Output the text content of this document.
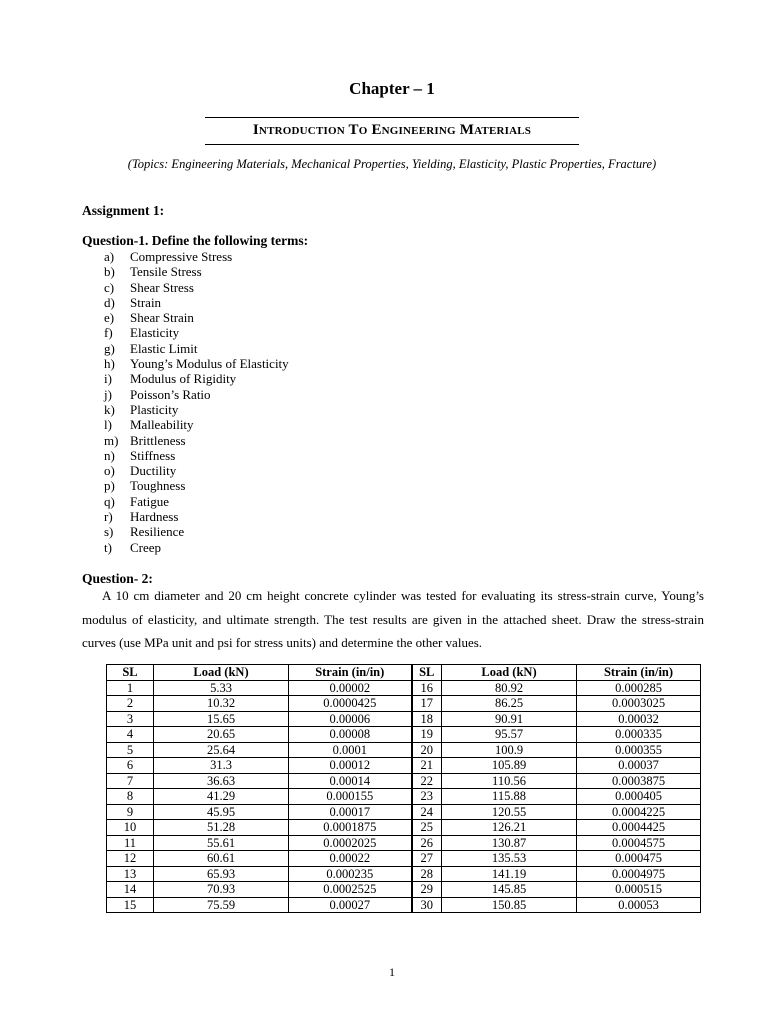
Chapter – 1
Introduction To Engineering Materials
(Topics: Engineering Materials, Mechanical Properties, Yielding, Elasticity, Plastic Properties, Fracture)
Assignment 1:
Question-1. Define the following terms:
a)	Compressive Stress
b)	Tensile Stress
c)	Shear Stress
d)	Strain
e)	Shear Strain
f)	Elasticity
g)	Elastic Limit
h)	Young’s Modulus of Elasticity
i)	Modulus of Rigidity
j)	Poisson’s Ratio
k)	Plasticity
l)	Malleability
m) Brittleness
n)	Stiffness
o)	Ductility
p)	Toughness
q)	Fatigue
r)	Hardness
s)	Resilience
t)	Creep
Question- 2:

A 10 cm diameter and 20 cm height concrete cylinder was tested for evaluating its stress-strain curve, Young’s modulus of elasticity, and ultimate strength. The test results are given in the attached sheet. Draw the stress-strain curves (use MPa unit and psi for stress units) and determine the other values.

SL	Load (kN)	Strain (in/in)	SL	Load (kN)	Strain (in/in)
1	5.33	0.00002	16	80.92	0.000285
2	10.32	0.0000425	17	86.25	0.0003025
3	15.65	0.00006	18	90.91	0.00032
4	20.65	0.00008	19	95.57	0.000335
5	25.64	0.0001	20	100.9	0.000355
6	31.3	0.00012	21	105.89	0.00037
7	36.63	0.00014	22	110.56	0.0003875
8	41.29	0.000155	23	115.88	0.000405
9	45.95	0.00017	24	120.55	0.0004225
10	51.28	0.0001875	25	126.21	0.0004425
11	55.61	0.0002025	26	130.87	0.0004575
12	60.61	0.00022	27	135.53	0.000475
13	65.93	0.000235	28	141.19	0.0004975
14	70.93	0.0002525	29	145.85	0.000515
15	75.59	0.00027	30	150.85	0.00053
1
